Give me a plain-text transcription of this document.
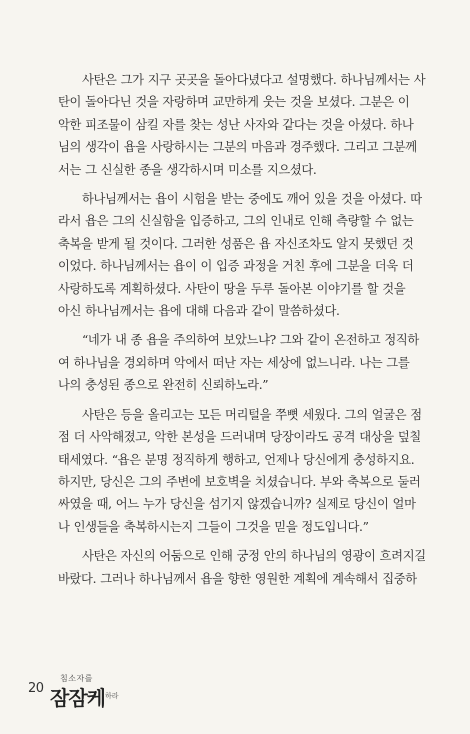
사탄은 그가 지구 곳곳을 돌아다녔다고 설명했다. 하나님께서는 사
탄이 돌아다닌 것을 자랑하며 교만하게 웃는 것을 보셨다. 그분은 이
악한 피조물이 삼킬 자를 찾는 성난 사자와 같다는 것을 아셨다. 하나
님의 생각이 욥을 사랑하시는 그분의 마음과 경주했다. 그리고 그분께
서는 그 신실한 종을 생각하시며 미소를 지으셨다.
하나님께서는 욥이 시험을 받는 중에도 깨어 있을 것을 아셨다. 따
라서 욥은 그의 신실함을 입증하고, 그의 인내로 인해 측량할 수 없는
축복을 받게 될 것이다. 그러한 성품은 욥 자신조차도 알지 못했던 것
이었다. 하나님께서는 욥이 이 입증 과정을 거친 후에 그분을 더욱 더
사랑하도록 계획하셨다. 사탄이 땅을 두루 돌아본 이야기를 할 것을
아신 하나님께서는 욥에 대해 다음과 같이 말씀하셨다.
“네가 내 종 욥을 주의하여 보았느냐? 그와 같이 온전하고 정직하
여 하나님을 경외하며 악에서 떠난 자는 세상에 없느니라. 나는 그를
나의 충성된 종으로 완전히 신뢰하노라.”
사탄은 등을 올리고는 모든 머리털을 쭈뼛 세웠다. 그의 얼굴은 점
점 더 사악해졌고, 악한 본성을 드러내며 당장이라도 공격 대상을 덮칠
태세였다. “욥은 분명 정직하게 행하고, 언제나 당신에게 충성하지요.
하지만, 당신은 그의 주변에 보호벽을 치셨습니다. 부와 축복으로 둘러
싸였을 때, 어느 누가 당신을 섬기지 않겠습니까? 실제로 당신이 얼마
나 인생들을 축복하시는지 그들이 그것을 믿을 정도입니다.”
사탄은 자신의 어둠으로 인해 궁정 안의 하나님의 영광이 흐려지길
바랐다. 그러나 하나님께서 욥을 향한 영원한 계획에 계속해서 집중하
20
침소자를
잠잠케 하라
